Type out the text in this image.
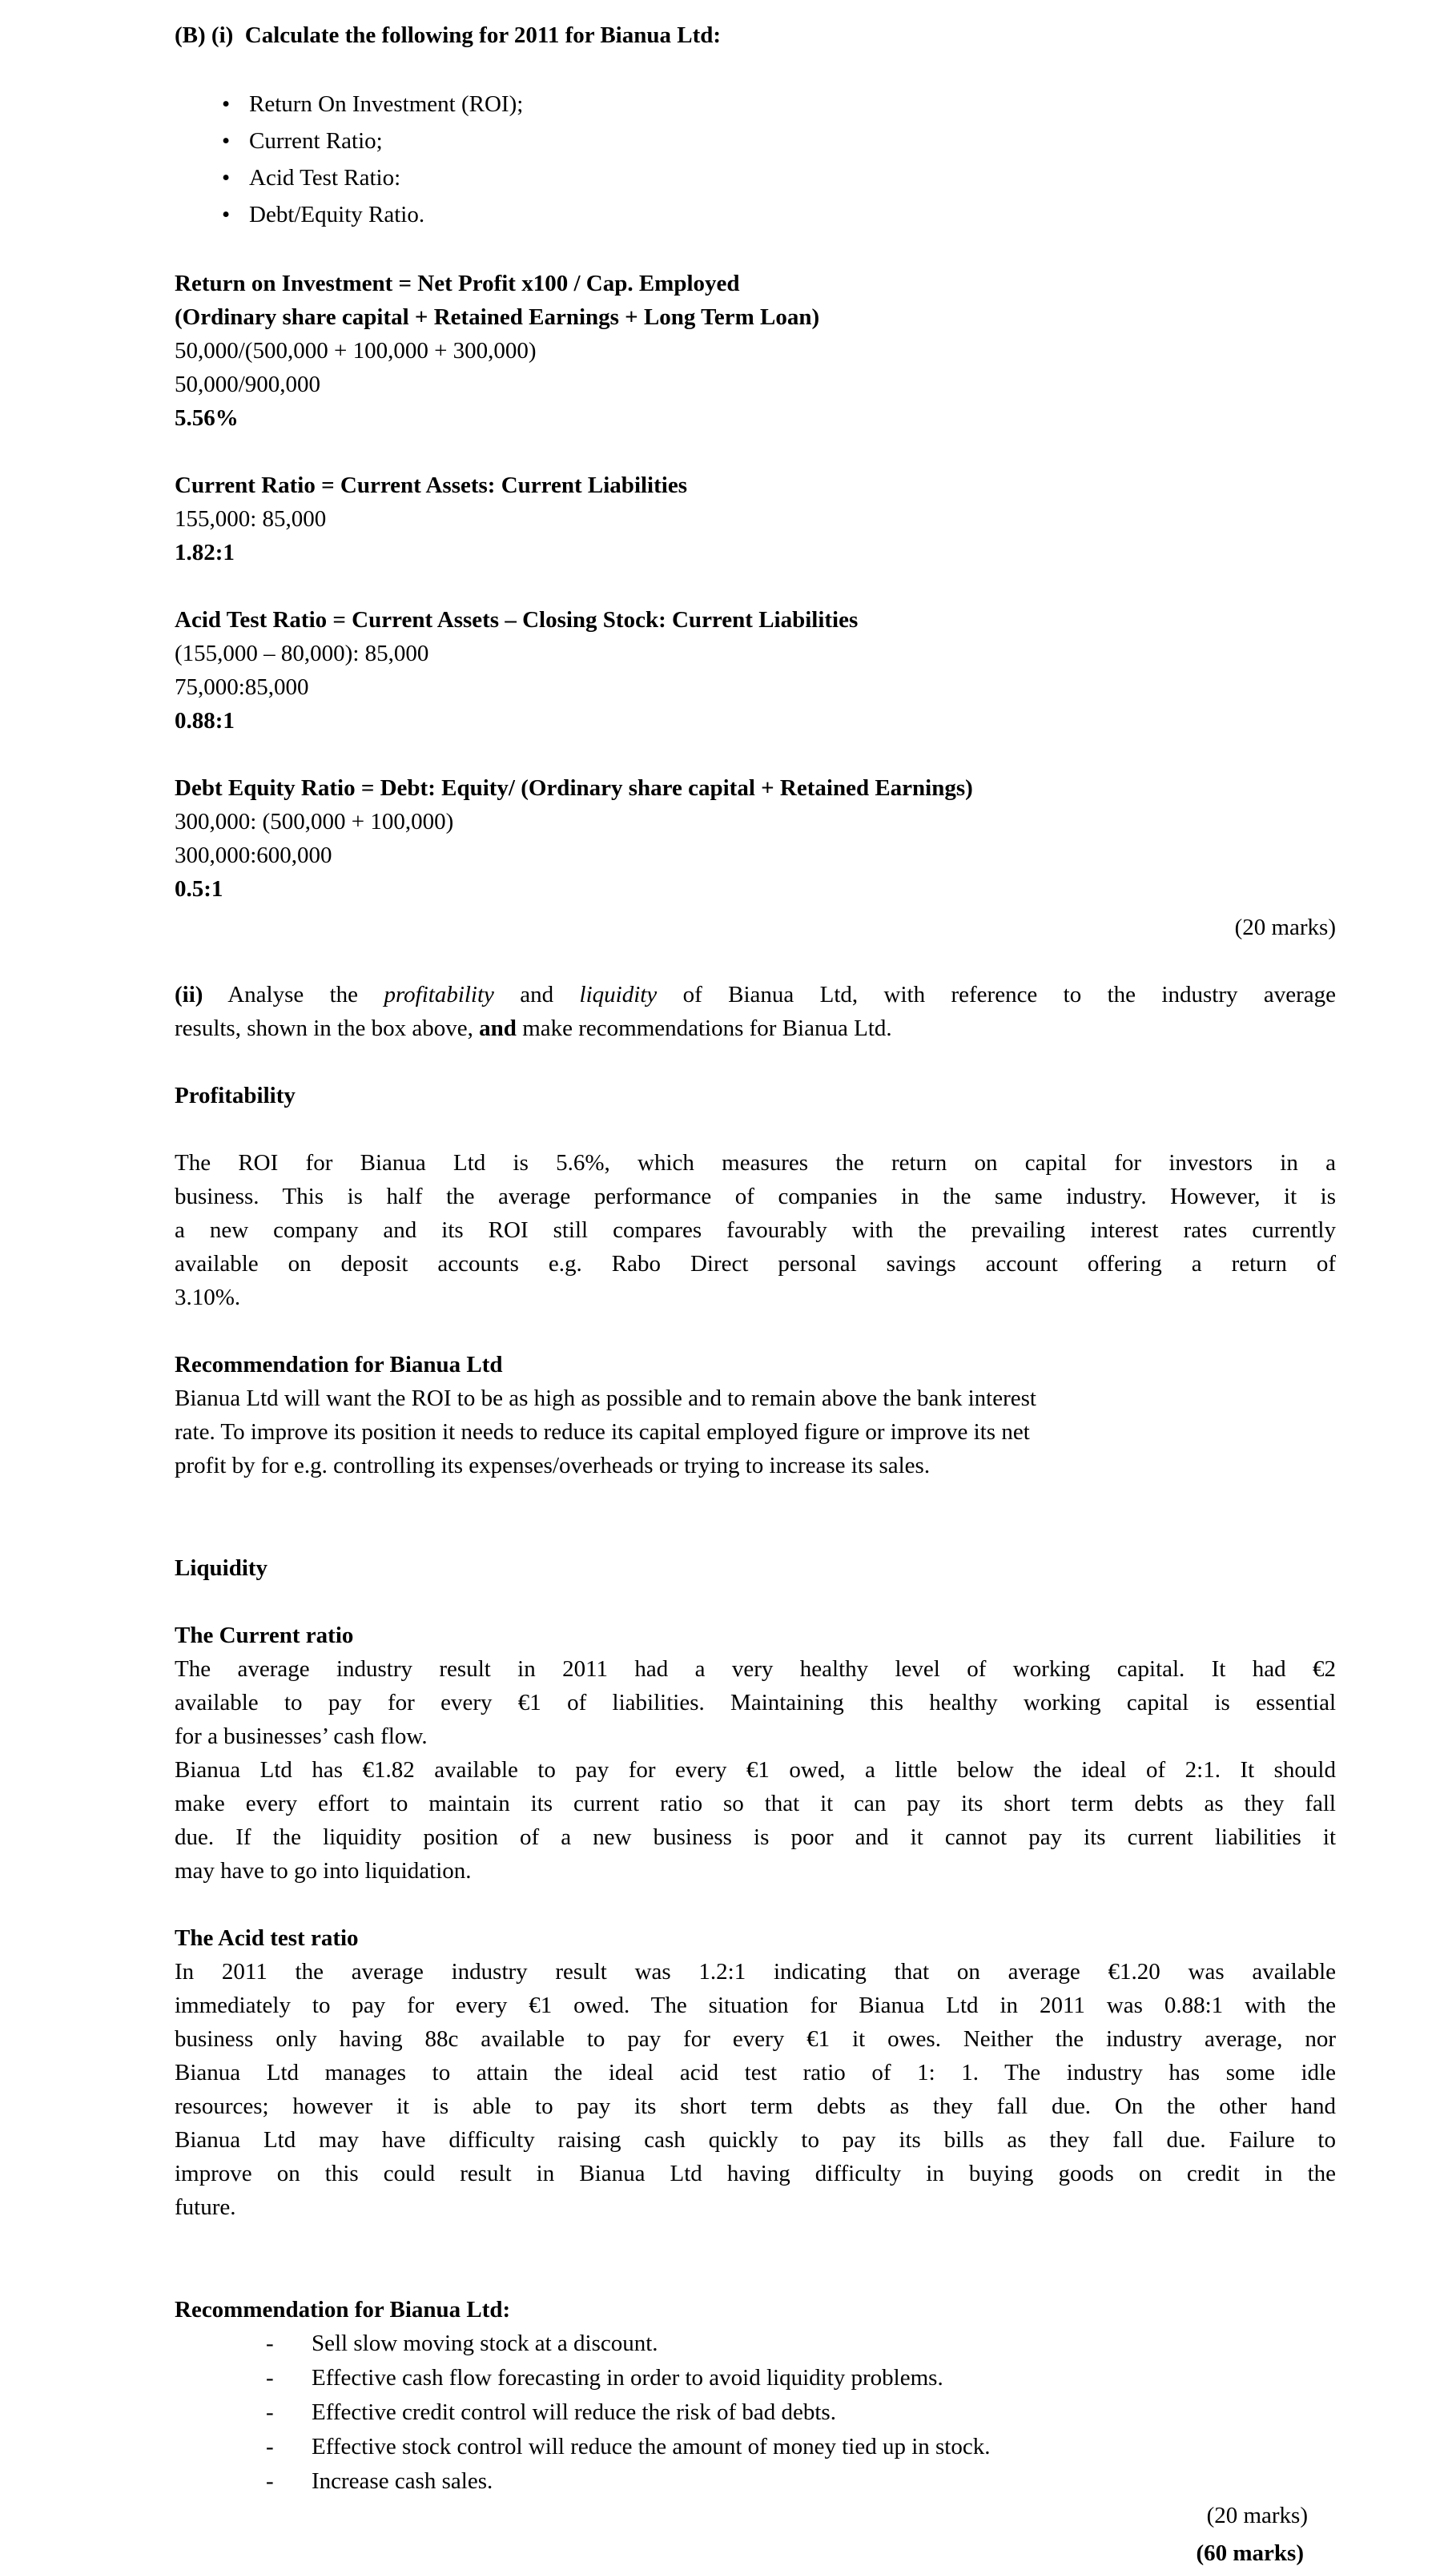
(B) (i)  Calculate the following for 2011 for Bianua Ltd:

• Return On Investment (ROI);
• Current Ratio;
• Acid Test Ratio:
• Debt/Equity Ratio.

Return on Investment = Net Profit x100 / Cap. Employed

(Ordinary share capital + Retained Earnings + Long Term Loan)

50,000/(500,000 + 100,000 + 300,000)

50,000/900,000

5.56%

Current Ratio = Current Assets: Current Liabilities

155,000: 85,000

1.82:1

Acid Test Ratio = Current Assets – Closing Stock: Current Liabilities

(155,000 – 80,000): 85,000

75,000:85,000

0.88:1

Debt Equity Ratio = Debt: Equity/ (Ordinary share capital + Retained Earnings)

300,000: (500,000 + 100,000)

300,000:600,000

0.5:1

(20 marks)

(ii) Analyse the profitability and liquidity of Bianua Ltd, with reference to the industry average

results, shown in the box above, and make recommendations for Bianua Ltd.

Profitability

The ROI for Bianua Ltd is 5.6%, which measures the return on capital for investors in a

business. This is half the average performance of companies in the same industry. However, it is

a new company and its ROI still compares favourably with the prevailing interest rates currently

available on deposit accounts e.g. Rabo Direct personal savings account offering a return of

3.10%.

Recommendation for Bianua Ltd

Bianua Ltd will want the ROI to be as high as possible and to remain above the bank interest

rate. To improve its position it needs to reduce its capital employed figure or improve its net

profit by for e.g. controlling its expenses/overheads or trying to increase its sales.

Liquidity

The Current ratio

The average industry result in 2011 had a very healthy level of working capital. It had €2

available to pay for every €1 of liabilities. Maintaining this healthy working capital is essential

for a businesses’ cash flow.

Bianua Ltd has €1.82 available to pay for every €1 owed, a little below the ideal of 2:1. It should

make every effort to maintain its current ratio so that it can pay its short term debts as they fall

due. If the liquidity position of a new business is poor and it cannot pay its current liabilities it

may have to go into liquidation.

The Acid test ratio

In 2011 the average industry result was 1.2:1 indicating that on average €1.20 was available

immediately to pay for every €1 owed. The situation for Bianua Ltd in 2011 was 0.88:1 with the

business only having 88c available to pay for every €1 it owes. Neither the industry average, nor

Bianua Ltd manages to attain the ideal acid test ratio of 1: 1. The industry has some idle

resources; however it is able to pay its short term debts as they fall due. On the other hand

Bianua Ltd may have difficulty raising cash quickly to pay its bills as they fall due. Failure to

improve on this could result in Bianua Ltd having difficulty in buying goods on credit in the

future.

Recommendation for Bianua Ltd:

- Sell slow moving stock at a discount.
- Effective cash flow forecasting in order to avoid liquidity problems.
- Effective credit control will reduce the risk of bad debts.
- Effective stock control will reduce the amount of money tied up in stock.
- Increase cash sales.

(20 marks)

(60 marks)
